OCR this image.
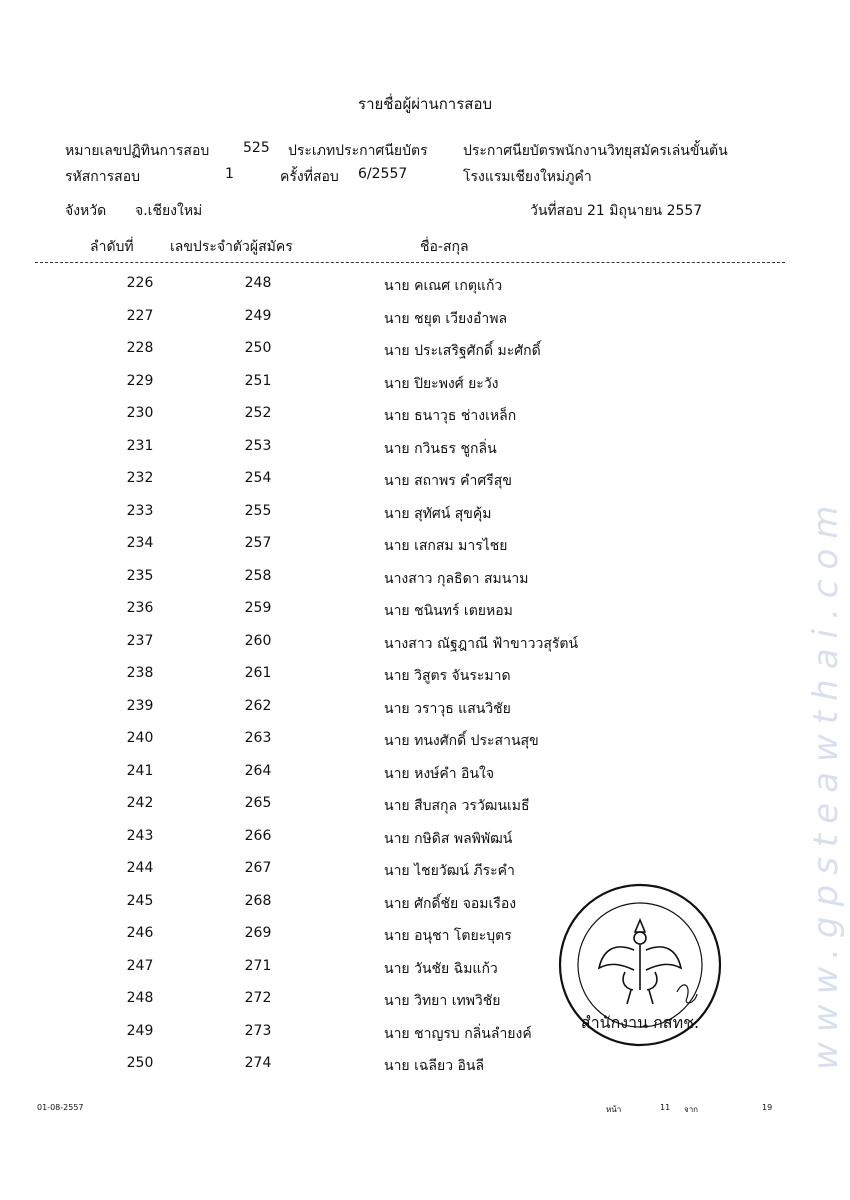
รายชื่อผู้ผ่านการสอบ
หมายเลขปฏิทินการสอบ 525 ประเภทประกาศนียบัตร	ประกาศนียบัตรพนักงานวิทยุสมัครเล่นขั้นต้น
รหัสการสอบ	1	ครั้งที่สอบ 6/2557	โรงแรมเชียงใหม่ภูคำ
จังหวัด จ.เชียงใหม่	วันที่สอบ 21 มิถุนายน 2557
ลำดับที่	เลขประจำตัวผู้สมัคร	ชื่อ-สกุล
226	248	นาย คเณศ เกตุแก้ว
227	249	นาย ชยุต เวียงอำพล
228	250	นาย ประเสริฐศักดิ์ มะศักดิ์
229	251	นาย ปิยะพงศ์ ยะวัง
230	252	นาย ธนาวุธ ช่างเหล็ก
231	253	นาย กวินธร ชูกลิ่น
232	254	นาย สถาพร คำศรีสุข
233	255	นาย สุทัศน์ สุขคุ้ม
234	257	นาย เสกสม มารไชย
235	258	นางสาว กุลธิดา สมนาม
236	259	นาย ชนินทร์ เตยหอม
237	260	นางสาว ณัฐฎาณี ฟ้าขาววสุรัตน์
238	261	นาย วิสูตร จันระมาด
239	262	นาย วราวุธ แสนวิชัย
240	263	นาย ทนงศักดิ์ ประสานสุข
241	264	นาย หงษ์คำ อินใจ
242	265	นาย สืบสกุล วรวัฒนเมธี
243	266	นาย กษิดิส พลพิพัฒน์
244	267	นาย ไชยวัฒน์ ภีระคำ
245	268	นาย ศักดิ์ชัย จอมเรือง
246	269	นาย อนุชา โตยะบุตร
247	271	นาย วันชัย ฉิมแก้ว
248	272	นาย วิทยา เทพวิชัย
249	273	นาย ชาญรบ กลิ่นลำยงค์
250	274	นาย เฉลียว อินลี
01-08-2557	หน้า	11 จาก	19
www.gpsteawthai.com
สำนักงาน กสทช.
